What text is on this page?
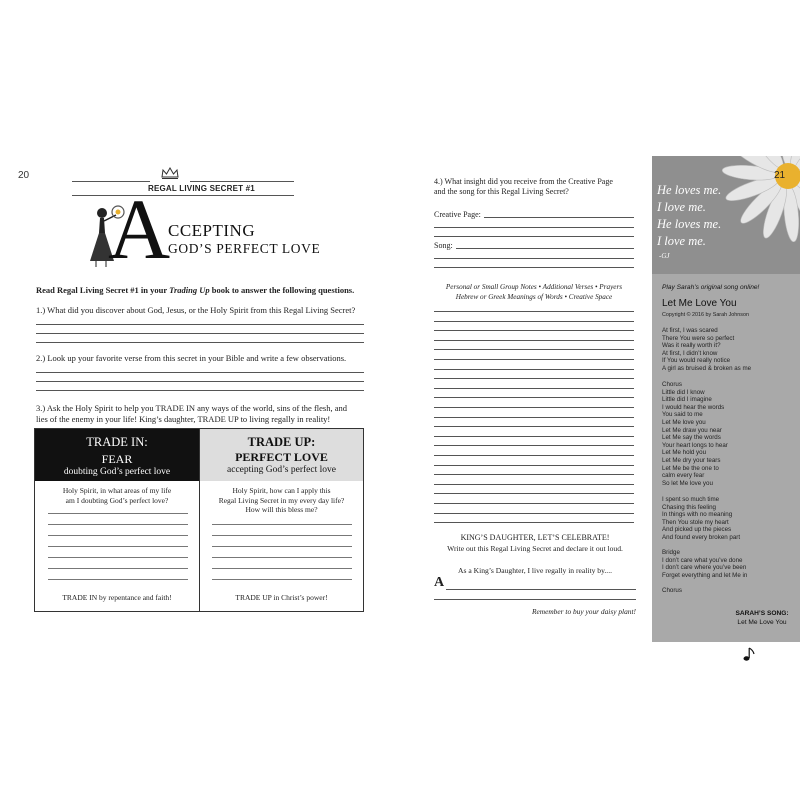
20
REGAL LIVING SECRET #1
A
CCEPTING
GOD’S PERFECT LOVE
Read Regal Living Secret #1 in your Trading Up book to answer the following questions.
1.) What did you discover about God, Jesus, or the Holy Spirit from this Regal Living Secret?
2.) Look up your favorite verse from this secret in your Bible and write a few observations.
3.) Ask the Holy Spirit to help you TRADE IN any ways of the world, sins of the flesh, and
lies of the enemy in your life! King’s daughter, TRADE UP to living regally in reality!
TRADE IN:
FEAR
doubting God’s perfect love
Holy Spirit, in what areas of my life
am I doubting God’s perfect love?
TRADE IN by repentance and faith!
TRADE UP:
PERFECT LOVE
accepting God’s perfect love
Holy Spirit, how can I apply this
Regal Living Secret in my every day life?
How will this bless me?
TRADE UP in Christ’s power!
4.) What insight did you receive from the Creative Page
and the song for this Regal Living Secret?
Creative Page:
Song:
Personal or Small Group Notes • Additional Verses • Prayers
Hebrew or Greek Meanings of Words • Creative Space
KING’S DAUGHTER, LET’S CELEBRATE!
Write out this Regal Living Secret and declare it out loud.
As a King’s Daughter, I live regally in reality by....
A
Remember to buy your daisy plant!
21
He loves me.
I love me.
He loves me.
I love me.
-GJ
Play Sarah’s original song online!
Let Me Love You
Copyright © 2016 by Sarah Johnson
At first, I was scared
There You were so perfect
Was it really worth it?
At first, I didn’t know
If You would really notice
A girl as bruised & broken as me
Chorus
Little did I know
Little did I imagine
I would hear the words
You said to me
Let Me love you
Let Me draw you near
Let Me say the words
Your heart longs to hear
Let Me hold you
Let Me dry your tears
Let Me be the one to
calm every fear
So let Me love you
I spent so much time
Chasing this feeling
In things with no meaning
Then You stole my heart
And picked up the pieces
And found every broken part
Bridge
I don’t care what you’ve done
I don’t care where you’ve been
Forget everything and let Me in
Chorus
SARAH’S SONG:
Let Me Love You
